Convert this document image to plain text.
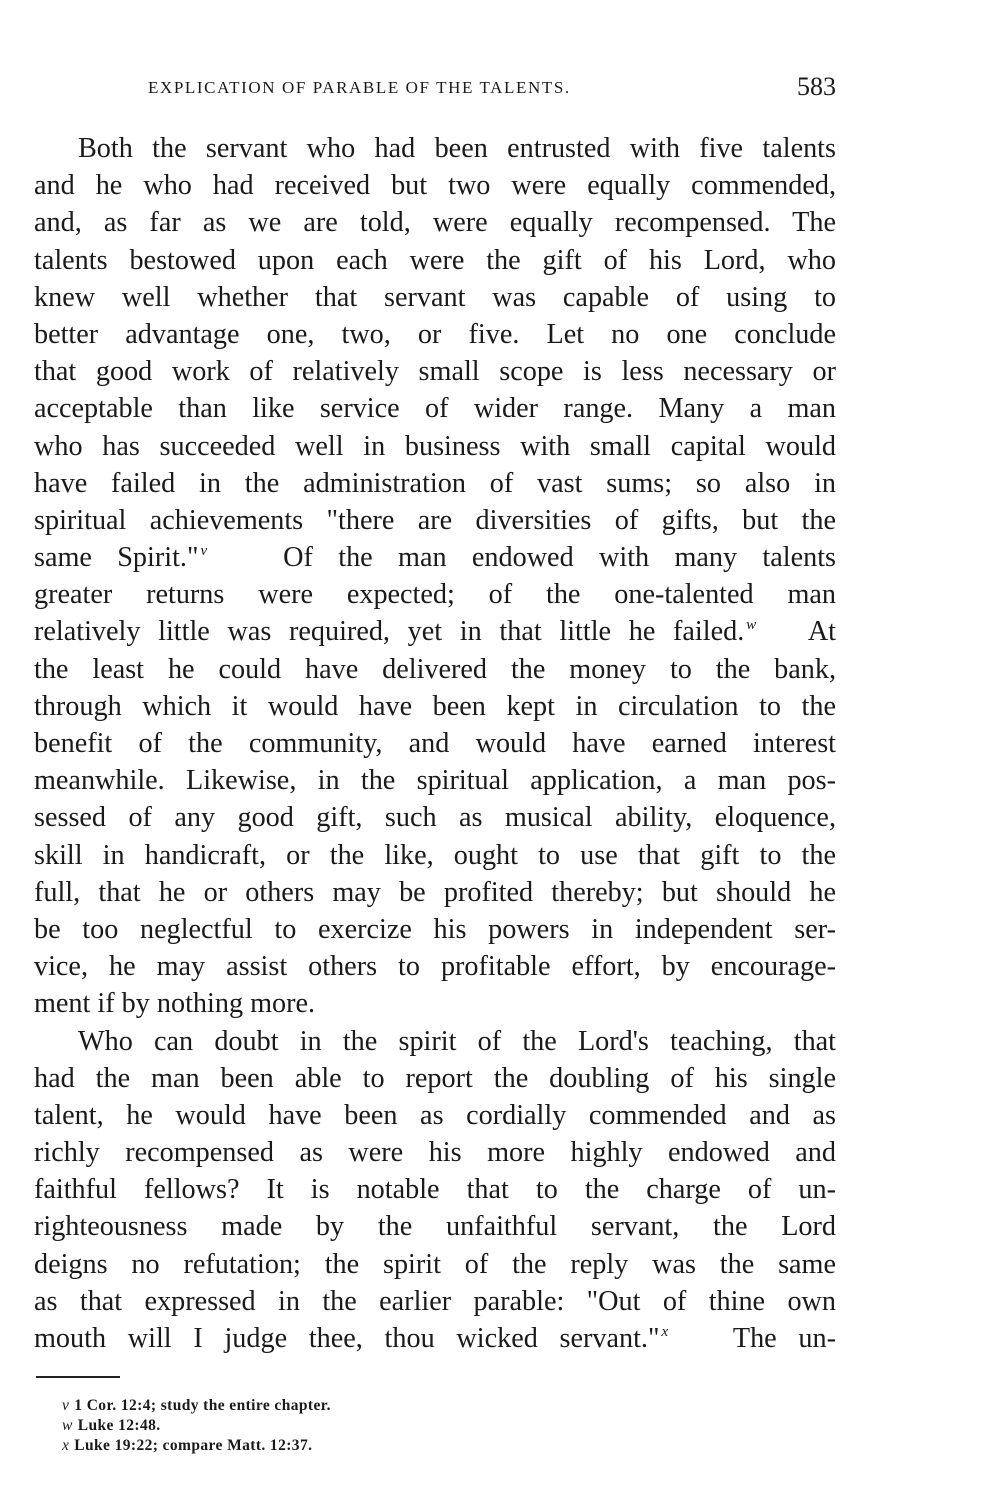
EXPLICATION OF PARABLE OF THE TALENTS.	583
Both the servant who had been entrusted with five talents
and he who had received but two were equally commended,
and, as far as we are told, were equally recompensed. The
talents bestowed upon each were the gift of his Lord, who
knew well whether that servant was capable of using to
better advantage one, two, or five. Let no one conclude
that good work of relatively small scope is less necessary or
acceptable than like service of wider range. Many a man
who has succeeded well in business with small capital would
have failed in the administration of vast sums; so also in
spiritual achievements "there are diversities of gifts, but the
same Spirit." $^v$	Of the man endowed with many talents
greater returns were expected; of the one-talented man
relatively little was required, yet in that little he failed. $^w$ At
the least he could have delivered the money to the bank,
through which it would have been kept in circulation to the
benefit of the community, and would have earned interest
meanwhile. Likewise, in the spiritual application, a man pos-
sessed of any good gift, such as musical ability, eloquence,
skill in handicraft, or the like, ought to use that gift to the
full, that he or others may be profited thereby; but should he
be too neglectful to exercize his powers in independent ser-
vice, he may assist others to profitable effort, by encourage-
ment if by nothing more.
Who can doubt in the spirit of the Lord's teaching, that
had the man been able to report the doubling of his single
talent, he would have been as cordially commended and as
richly recompensed as were his more highly endowed and
faithful fellows? It is notable that to the charge of un-
righteousness made by the unfaithful servant, the Lord
deigns no refutation; the spirit of the reply was the same
as that expressed in the earlier parable: "Out of thine own
mouth will I judge thee, thou wicked servant." $^x$ The un-
v 1 Cor. 12:4; study the entire chapter.
w Luke 12:48.
x Luke 19:22; compare Matt. 12:37.
